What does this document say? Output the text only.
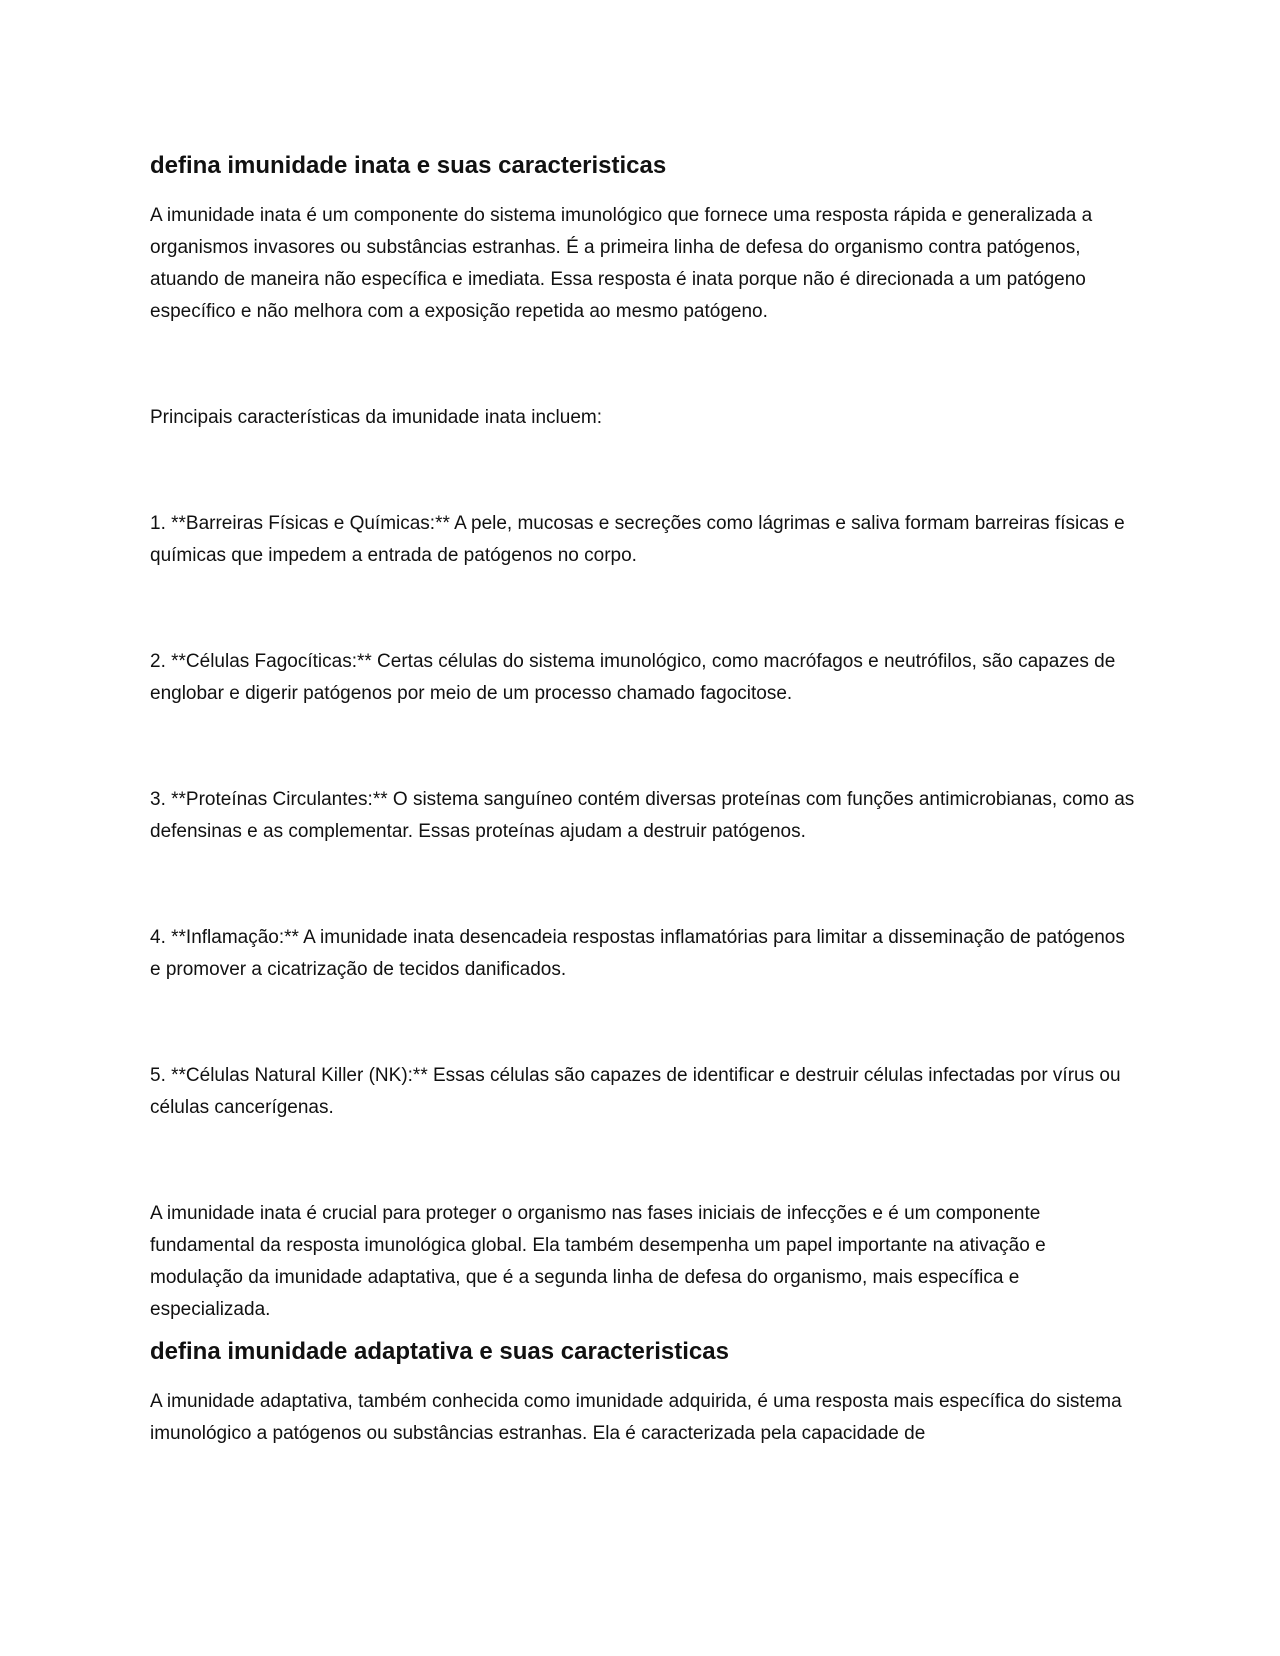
defina imunidade inata e suas caracteristicas

A imunidade inata é um componente do sistema imunológico que fornece uma resposta rápida e generalizada a organismos invasores ou substâncias estranhas. É a primeira linha de defesa do organismo contra patógenos, atuando de maneira não específica e imediata. Essa resposta é inata porque não é direcionada a um patógeno específico e não melhora com a exposição repetida ao mesmo patógeno.

Principais características da imunidade inata incluem:

1. **Barreiras Físicas e Químicas:** A pele, mucosas e secreções como lágrimas e saliva formam barreiras físicas e químicas que impedem a entrada de patógenos no corpo.

2. **Células Fagocíticas:** Certas células do sistema imunológico, como macrófagos e neutrófilos, são capazes de englobar e digerir patógenos por meio de um processo chamado fagocitose.

3. **Proteínas Circulantes:** O sistema sanguíneo contém diversas proteínas com funções antimicrobianas, como as defensinas e as complementar. Essas proteínas ajudam a destruir patógenos.

4. **Inflamação:** A imunidade inata desencadeia respostas inflamatórias para limitar a disseminação de patógenos e promover a cicatrização de tecidos danificados.

5. **Células Natural Killer (NK):** Essas células são capazes de identificar e destruir células infectadas por vírus ou células cancerígenas.

A imunidade inata é crucial para proteger o organismo nas fases iniciais de infecções e é um componente fundamental da resposta imunológica global. Ela também desempenha um papel importante na ativação e modulação da imunidade adaptativa, que é a segunda linha de defesa do organismo, mais específica e especializada.

defina imunidade adaptativa e suas caracteristicas

A imunidade adaptativa, também conhecida como imunidade adquirida, é uma resposta mais específica do sistema imunológico a patógenos ou substâncias estranhas. Ela é caracterizada pela capacidade de
